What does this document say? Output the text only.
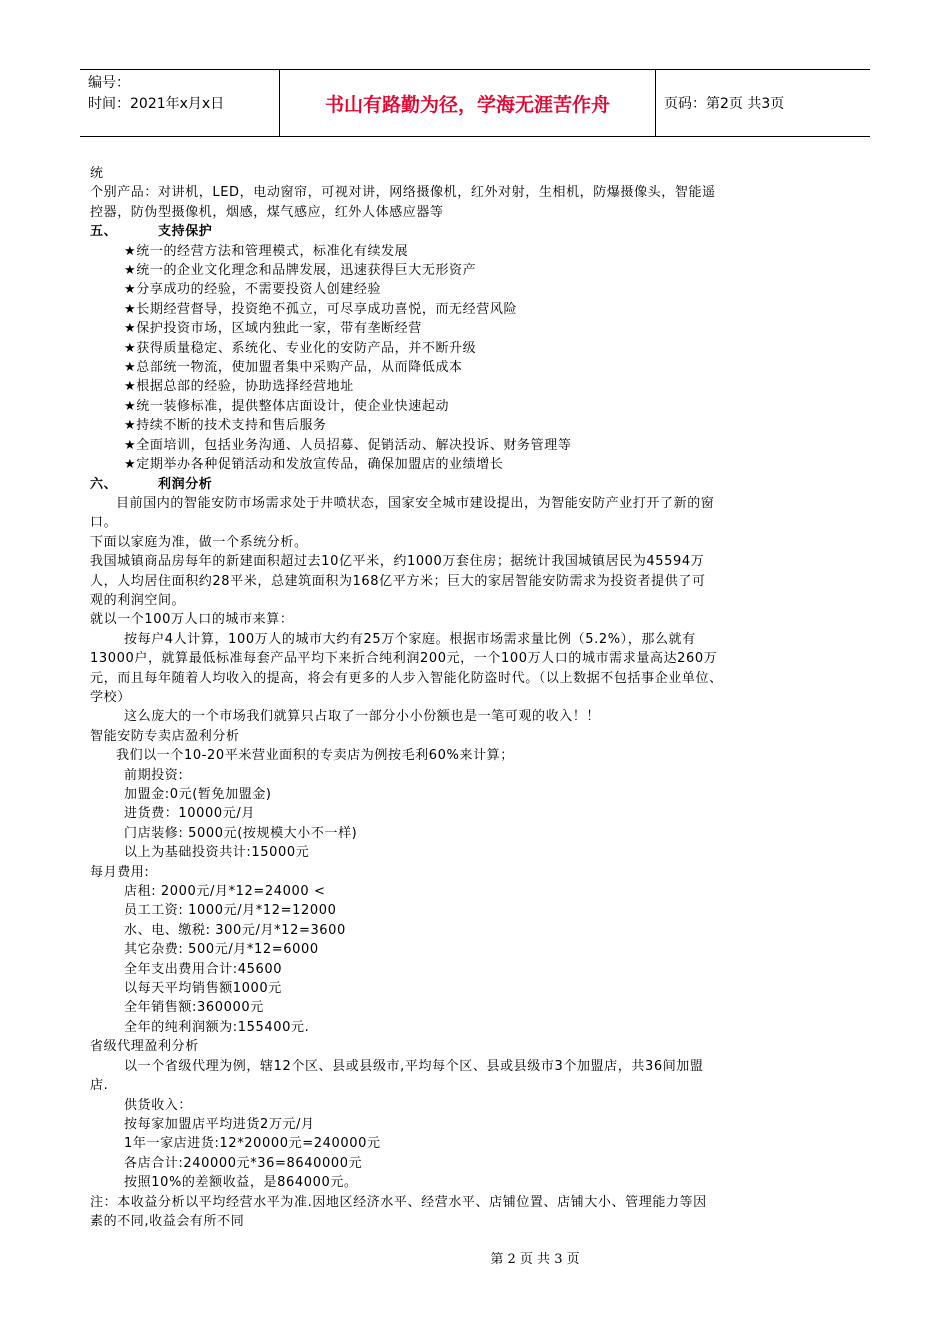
编号：
时间：2021年x月x日	书山有路勤为径，学海无涯苦作舟	页码：第2页 共3页
统
个别产品：对讲机，LED，电动窗帘，可视对讲，网络摄像机，红外对射，生相机，防爆摄像头，智能遥
控器，防伪型摄像机，烟感，煤气感应，红外人体感应器等
五、	支持保护
★统一的经营方法和管理模式，标准化有续发展
★统一的企业文化理念和品牌发展，迅速获得巨大无形资产
★分享成功的经验，不需要投资人创建经验
★长期经营督导，投资绝不孤立，可尽享成功喜悦，而无经营风险
★保护投资市场，区域内独此一家，带有垄断经营
★获得质量稳定、系统化、专业化的安防产品，并不断升级
★总部统一物流，使加盟者集中采购产品，从而降低成本
★根据总部的经验，协助选择经营地址
★统一装修标准，提供整体店面设计，使企业快速起动
★持续不断的技术支持和售后服务
★全面培训，包括业务沟通、人员招募、促销活动、解决投诉、财务管理等
★定期举办各种促销活动和发放宣传品，确保加盟店的业绩增长
六、	利润分析
目前国内的智能安防市场需求处于井喷状态，国家安全城市建设提出，为智能安防产业打开了新的窗
口。
下面以家庭为准，做一个系统分析。
我国城镇商品房每年的新建面积超过去10亿平米，约1000万套住房；据统计我国城镇居民为45594万
人，人均居住面积约28平米，总建筑面积为168亿平方米；巨大的家居智能安防需求为投资者提供了可
观的利润空间。
就以一个100万人口的城市来算：
按每户4人计算，100万人的城市大约有25万个家庭。根据市场需求量比例（5.2%），那么就有
13000户，就算最低标准每套产品平均下来折合纯利润200元，一个100万人口的城市需求量高达260万
元，而且每年随着人均收入的提高，将会有更多的人步入智能化防盗时代。（以上数据不包括事企业单位、
学校）
这么庞大的一个市场我们就算只占取了一部分小小份额也是一笔可观的收入！！
智能安防专卖店盈利分析
我们以一个10-20平米营业面积的专卖店为例按毛利60%来计算；
前期投资:
加盟金:0元(暂免加盟金)
进货费：10000元/月
门店装修: 5000元(按规模大小不一样)
以上为基础投资共计:15000元
每月费用:
店租: 2000元/月*12=24000 <
员工工资: 1000元/月*12=12000
水、电、缴税: 300元/月*12=3600
其它杂费: 500元/月*12=6000
全年支出费用合计:45600
以每天平均销售额1000元
全年销售额:360000元
全年的纯利润额为:155400元.
省级代理盈利分析
以一个省级代理为例，辖12个区、县或县级市,平均每个区、县或县级市3个加盟店，共36间加盟
店.
供货收入：
按每家加盟店平均进货2万元/月
1年一家店进货:12*20000元=240000元
各店合计:240000元*36=8640000元
按照10%的差额收益，是864000元。
注：本收益分析以平均经营水平为准.因地区经济水平、经营水平、店铺位置、店铺大小、管理能力等因
素的不同,收益会有所不同
第 2 页 共 3 页
